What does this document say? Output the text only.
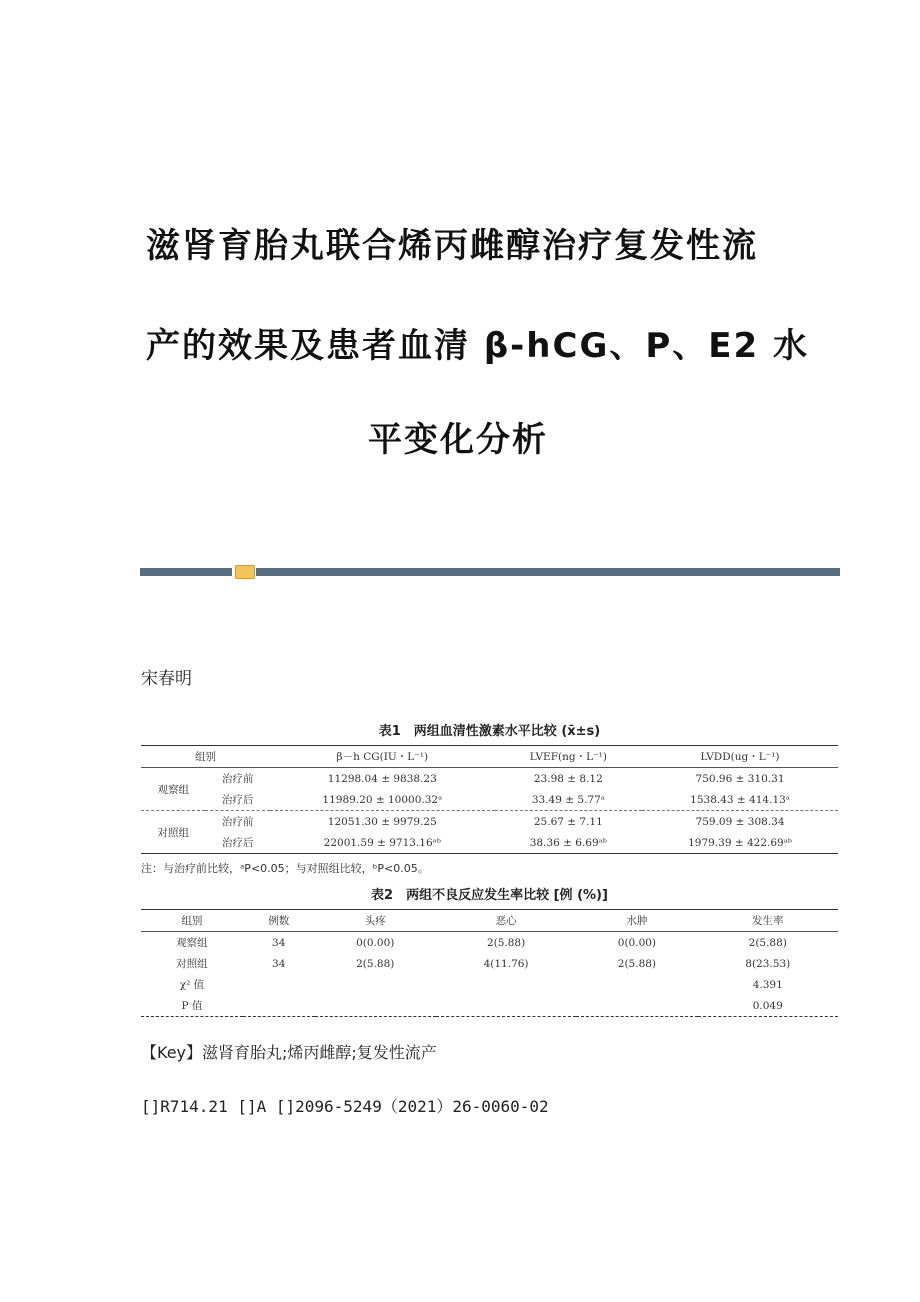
滋肾育胎丸联合烯丙雌醇治疗复发性流
产的效果及患者血清 β-hCG、P、E2 水
平变化分析
宋春明
表1　两组血清性激素水平比较 (x̄±s)
组别		β－h CG(IU・L⁻¹)	LVEF(ng・L⁻¹)	LVDD(ug・L⁻¹)
观察组	治疗前	11298.04 ± 9838.23	23.98 ± 8.12	750.96 ± 310.31
	治疗后	11989.20 ± 10000.32ᵃ	33.49 ± 5.77ᵃ	1538.43 ± 414.13ᵃ
对照组	治疗前	12051.30 ± 9979.25	25.67 ± 7.11	759.09 ± 308.34
	治疗后	22001.59 ± 9713.16ᵃᵇ	38.36 ± 6.69ᵃᵇ	1979.39 ± 422.69ᵃᵇ
注：与治疗前比较，ᵃP<0.05；与对照组比较，ᵇP<0.05。
表2　两组不良反应发生率比较 [例 (%)]
组别	例数	头疼	恶心	水肿	发生率
观察组	34	0(0.00)	2(5.88)	0(0.00)	2(5.88)
对照组	34	2(5.88)	4(11.76)	2(5.88)	8(23.53)
χ² 值					4.391
P 值					0.049
【Key】滋肾育胎丸;烯丙雌醇;复发性流产
[]R714.21 []A []2096-5249（2021）26-0060-02
